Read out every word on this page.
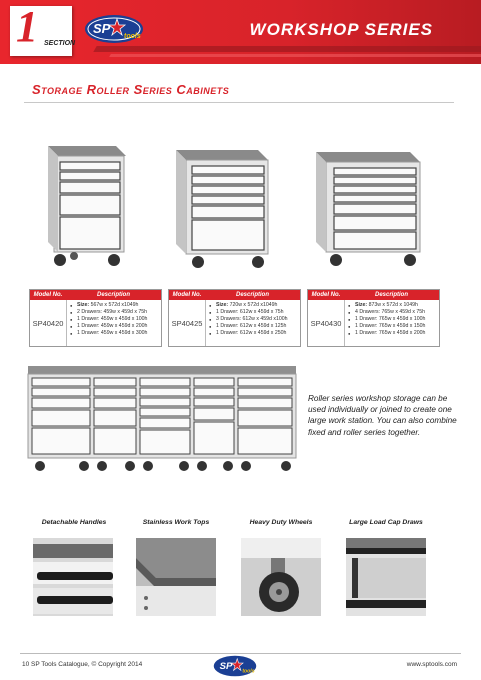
1 SECTION
SP
tools	WORKSHOP SERIES
Storage Roller Series Cabinets
Model No.	Description
SP40420
● Size: 567w x 572d x1049h
● 2 Drawers: 459w x 459d x 75h
● 1 Drawer: 459w x 459d x 100h
● 1 Drawer: 459w x 459d x 200h
● 1 Drawer: 459w x 459d x 300h
Model No.	Description
SP40425
● Size: 720w x 572d x1049h
● 1 Drawer: 612w x 459d x 75h
● 3 Drawers: 612w x 459d x100h
● 1 Drawer: 612w x 459d x 125h
● 1 Drawer: 612w x 459d x 250h
Model No.	Description
SP40430
● Size: 873w x 572d x 1049h
● 4 Drawers: 765w x 459d x 75h
● 1 Drawer: 765w x 459d x 100h
● 1 Drawer: 765w x 459d x 150h
● 1 Drawer: 765w x 459d x 200h
Roller series workshop storage can be used individually or joined to create one large work station. You can also combine fixed and roller series together.
Detachable Handles	Stainless Work Tops	Heavy Duty Wheels	Large Load Cap Draws
10 SP Tools Catalogue, © Copyright 2014	SP tools
www.sptools.com
